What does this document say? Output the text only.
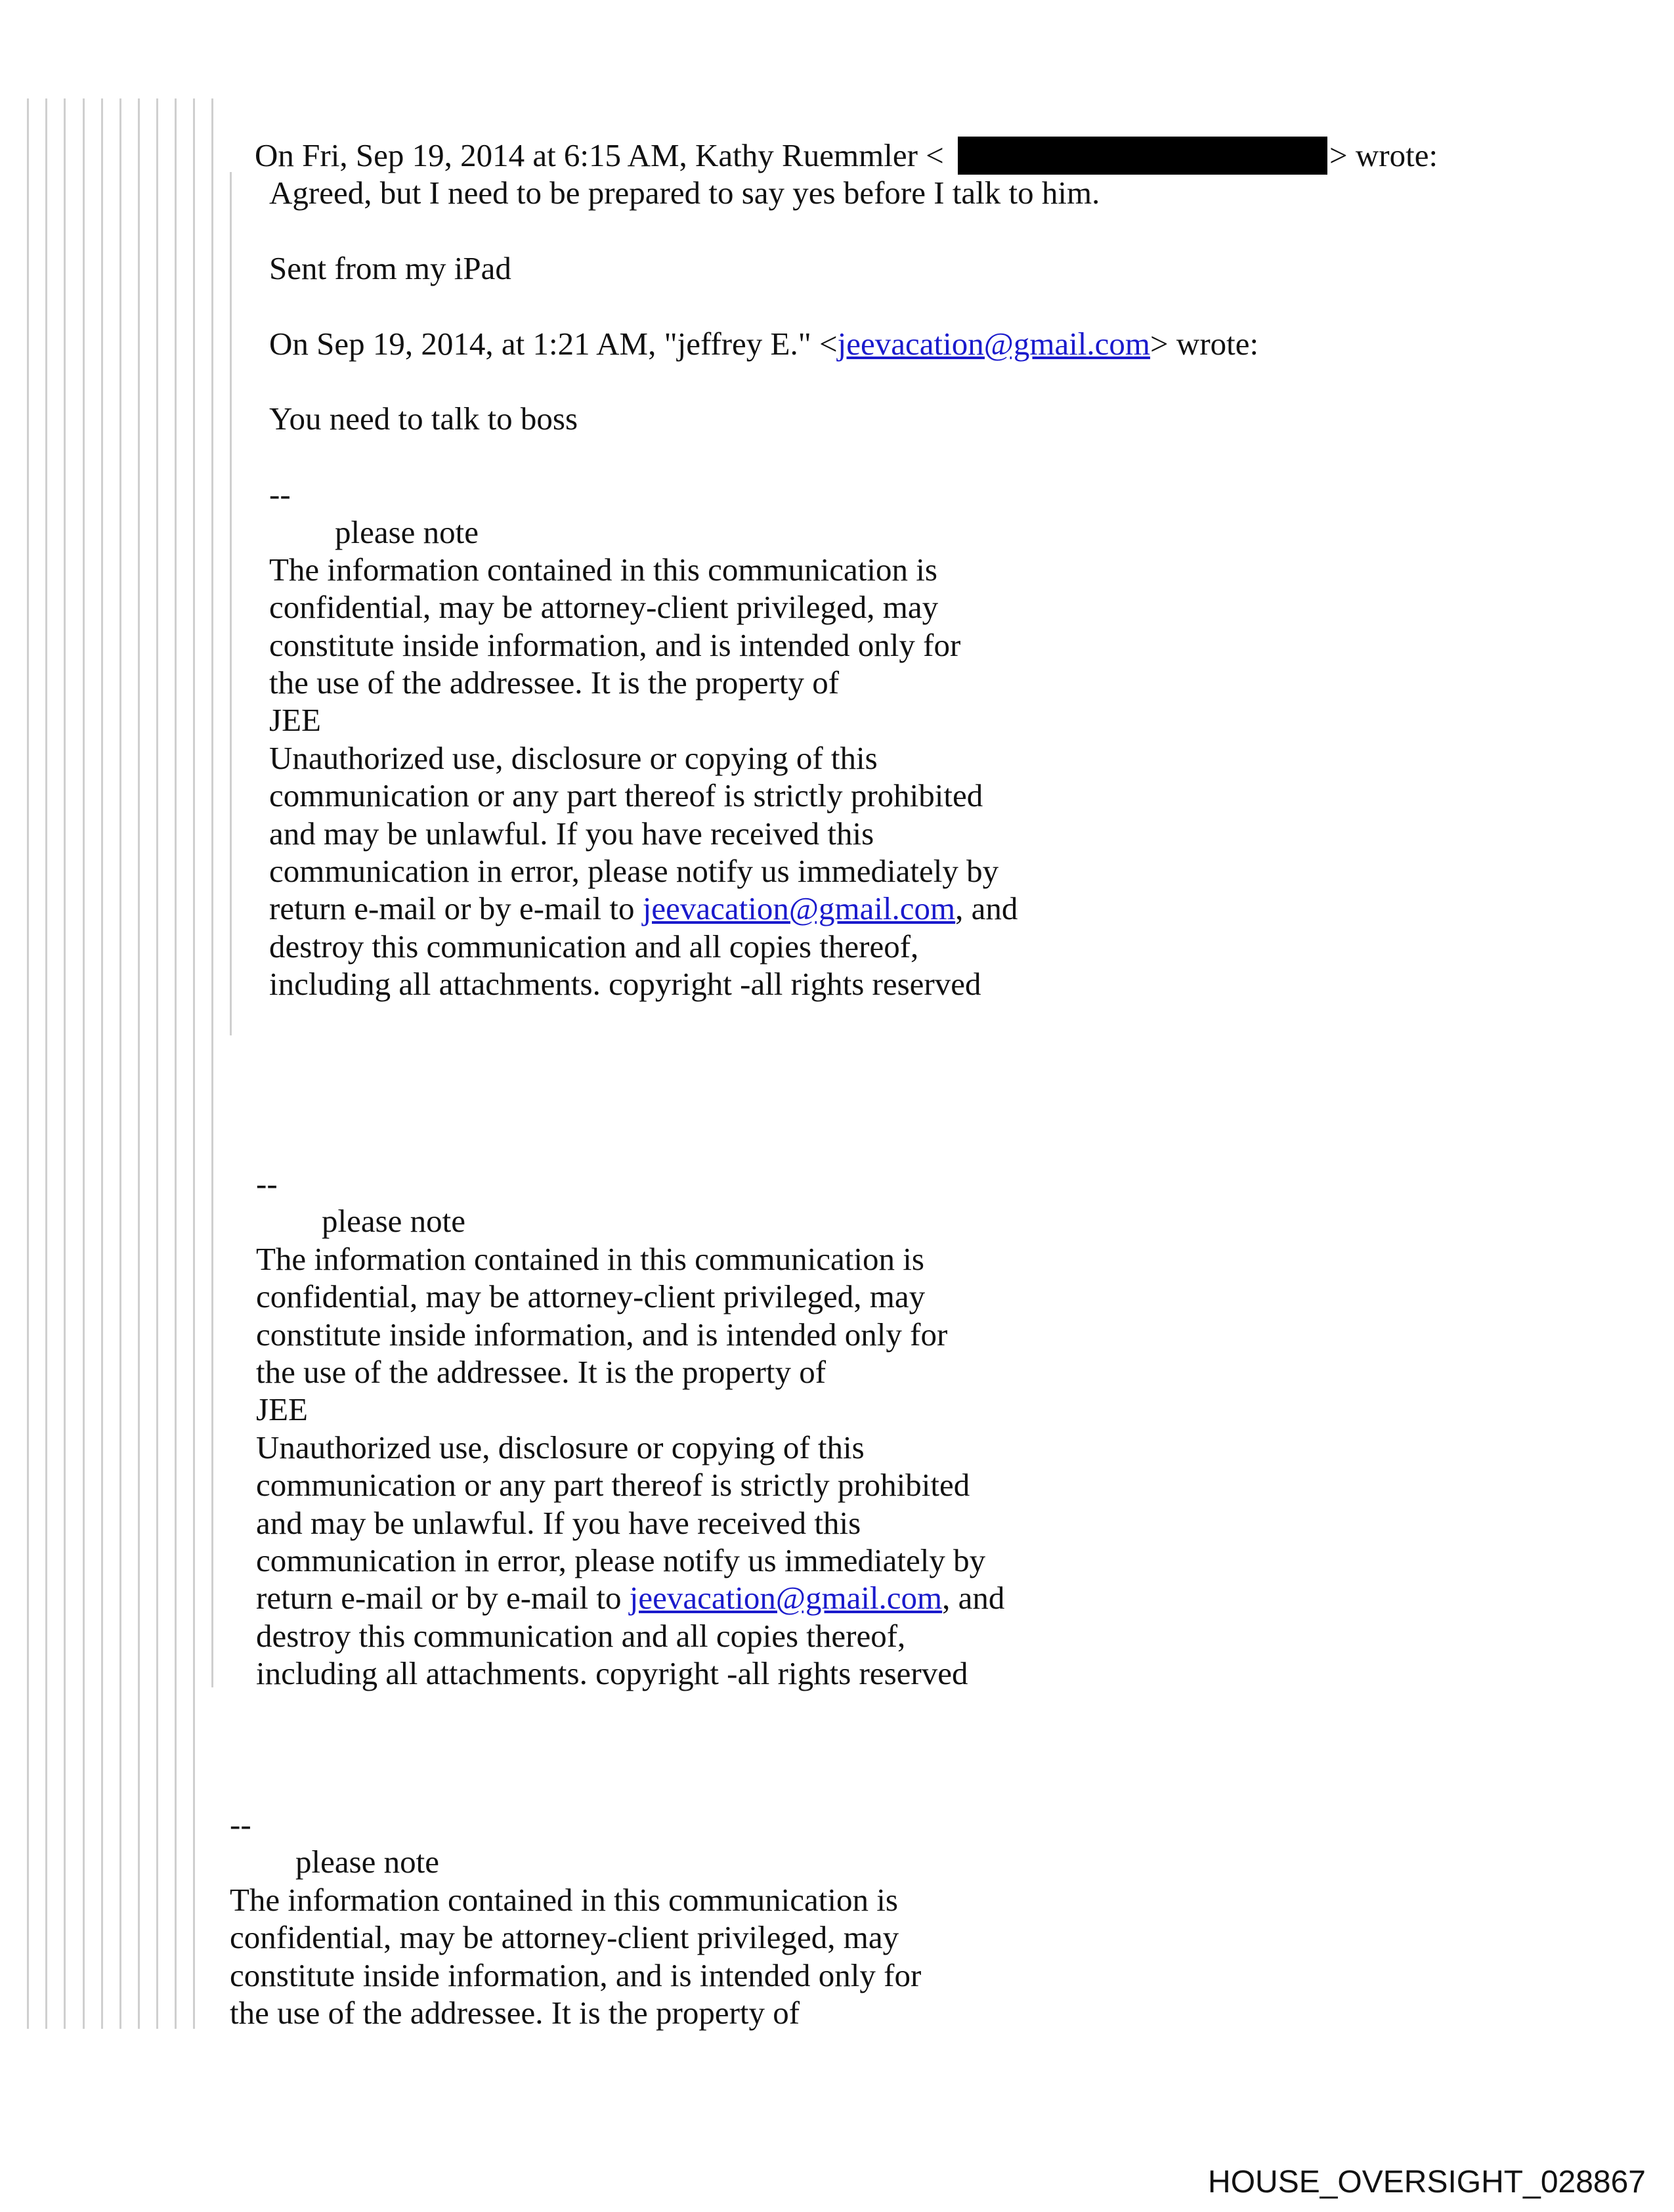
On Fri, Sep 19, 2014 at 6:15 AM, Kathy Ruemmler <	> wrote:
Agreed, but I need to be prepared to say yes before I talk to him.
Sent from my iPad
On Sep 19, 2014, at 1:21 AM, "jeffrey E." <jeevacation@gmail.com> wrote:
You need to talk to boss
--
please note
The information contained in this communication is
confidential, may be attorney-client privileged, may
constitute inside information, and is intended only for
the use of the addressee. It is the property of
JEE
Unauthorized use, disclosure or copying of this
communication or any part thereof is strictly prohibited
and may be unlawful. If you have received this
communication in error, please notify us immediately by
return e-mail or by e-mail to jeevacation@gmail.com, and
destroy this communication and all copies thereof,
including all attachments. copyright -all rights reserved
--
please note
The information contained in this communication is
confidential, may be attorney-client privileged, may
constitute inside information, and is intended only for
the use of the addressee. It is the property of
JEE
Unauthorized use, disclosure or copying of this
communication or any part thereof is strictly prohibited
and may be unlawful. If you have received this
communication in error, please notify us immediately by
return e-mail or by e-mail to jeevacation@gmail.com, and
destroy this communication and all copies thereof,
including all attachments. copyright -all rights reserved
--
please note
The information contained in this communication is
confidential, may be attorney-client privileged, may
constitute inside information, and is intended only for
the use of the addressee. It is the property of
HOUSE_OVERSIGHT_028867
